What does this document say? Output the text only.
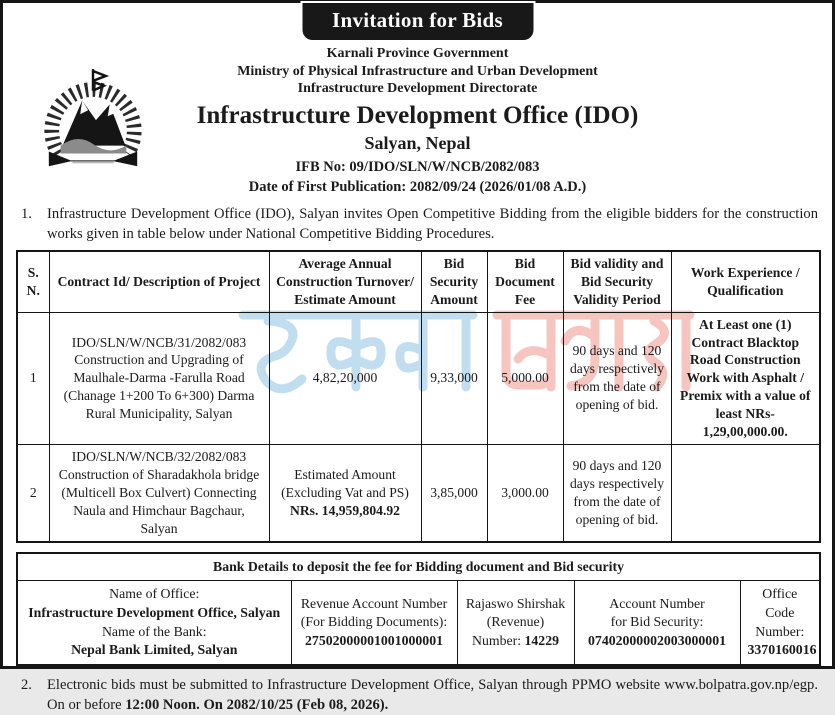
Invitation for Bids
Karnali Province Government
Ministry of Physical Infrastructure and Urban Development
Infrastructure Development Directorate
Infrastructure Development Office (IDO)
Salyan, Nepal
IFB No: 09/IDO/SLN/W/NCB/2082/083
Date of First Publication: 2082/09/24 (2026/01/08 A.D.)
1.	Infrastructure Development Office (IDO), Salyan invites Open Competitive Bidding from the eligible bidders for the construction works given in table below under National Competitive Bidding Procedures.
S. N.	Contract Id/ Description of Project	Average Annual Construction Turnover/ Estimate Amount	Bid Security Amount	Bid Document Fee	Bid validity and Bid Security Validity Period	Work Experience / Qualification
1	IDO/SLN/W/NCB/31/2082/083 Construction and Upgrading of Maulhale-Darma -Farulla Road (Chanage 1+200 To 6+300) Darma Rural Municipality, Salyan	4,82,20,000	9,33,000	5,000.00	90 days and 120 days respectively from the date of opening of bid.	At Least one (1) Contract Blacktop Road Construction Work with Asphalt / Premix with a value of least NRs-1,29,00,000.00.
2	IDO/SLN/W/NCB/32/2082/083 Construction of Sharadakhola bridge (Multicell Box Culvert) Connecting Naula and Himchaur Bagchaur, Salyan	Estimated Amount
(Excluding Vat and PS)
NRs. 14,959,804.92	3,85,000	3,000.00	90 days and 120 days respectively from the date of opening of bid.	
Bank Details to deposit the fee for Bidding document and Bid security

Name of Office:
Infrastructure Development Office, Salyan
Name of the Bank:
Nepal Bank Limited, Salyan

Revenue Account Number
(For Bidding Documents):
27502000001001000001

Rajaswo Shirshak
(Revenue)
Number: 14229

Account Number
for Bid Security:
07402000002003000001

Office Code
Number:
3370160016
2.	Electronic bids must be submitted to Infrastructure Development Office, Salyan through PPMO website www.bolpatra.gov.np/egp. On or before 12:00 Noon. On 2082/10/25 (Feb 08, 2026).
